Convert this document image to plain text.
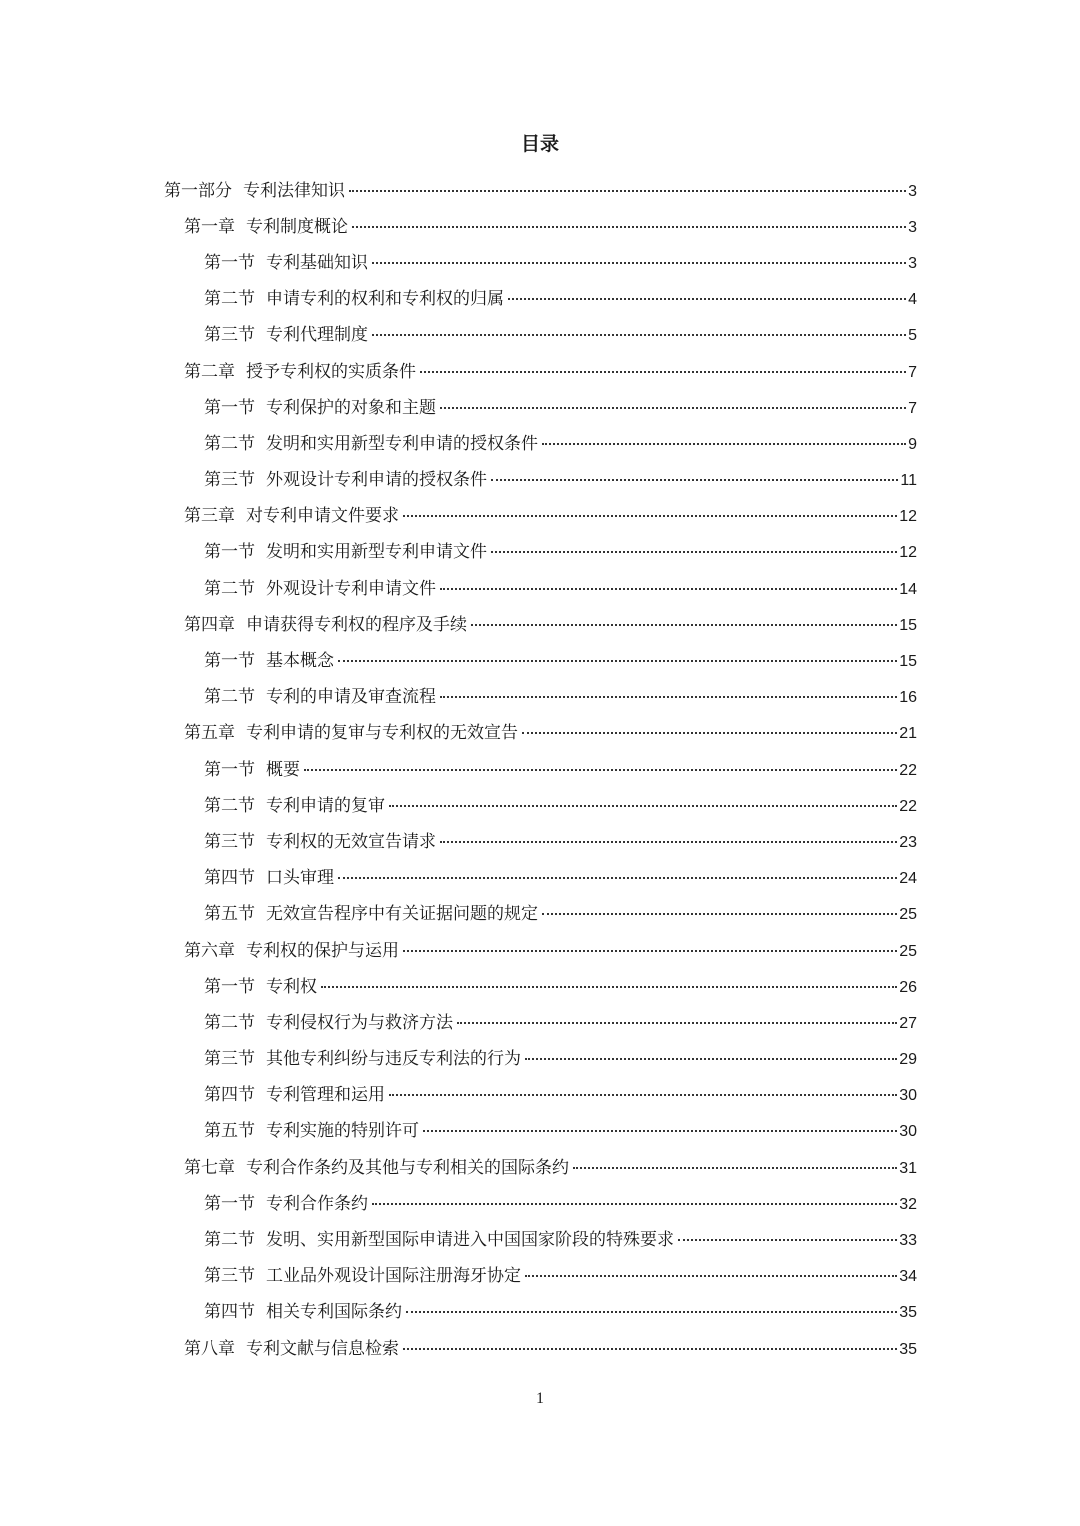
目录
第一部分 专利法律知识	3
第一章 专利制度概论	3
第一节 专利基础知识	3
第二节 申请专利的权利和专利权的归属	4
第三节 专利代理制度	5
第二章 授予专利权的实质条件	7
第一节 专利保护的对象和主题	7
第二节 发明和实用新型专利申请的授权条件	9
第三节 外观设计专利申请的授权条件	11
第三章 对专利申请文件要求	12
第一节 发明和实用新型专利申请文件	12
第二节 外观设计专利申请文件	14
第四章 申请获得专利权的程序及手续	15
第一节 基本概念	15
第二节 专利的申请及审查流程	16
第五章 专利申请的复审与专利权的无效宣告	21
第一节 概要	22
第二节 专利申请的复审	22
第三节 专利权的无效宣告请求	23
第四节 口头审理	24
第五节 无效宣告程序中有关证据问题的规定	25
第六章 专利权的保护与运用	25
第一节 专利权	26
第二节 专利侵权行为与救济方法	27
第三节 其他专利纠纷与违反专利法的行为	29
第四节 专利管理和运用	30
第五节 专利实施的特别许可	30
第七章 专利合作条约及其他与专利相关的国际条约	31
第一节 专利合作条约	32
第二节 发明、实用新型国际申请进入中国国家阶段的特殊要求	33
第三节 工业品外观设计国际注册海牙协定	34
第四节 相关专利国际条约	35
第八章 专利文献与信息检索	35
1
